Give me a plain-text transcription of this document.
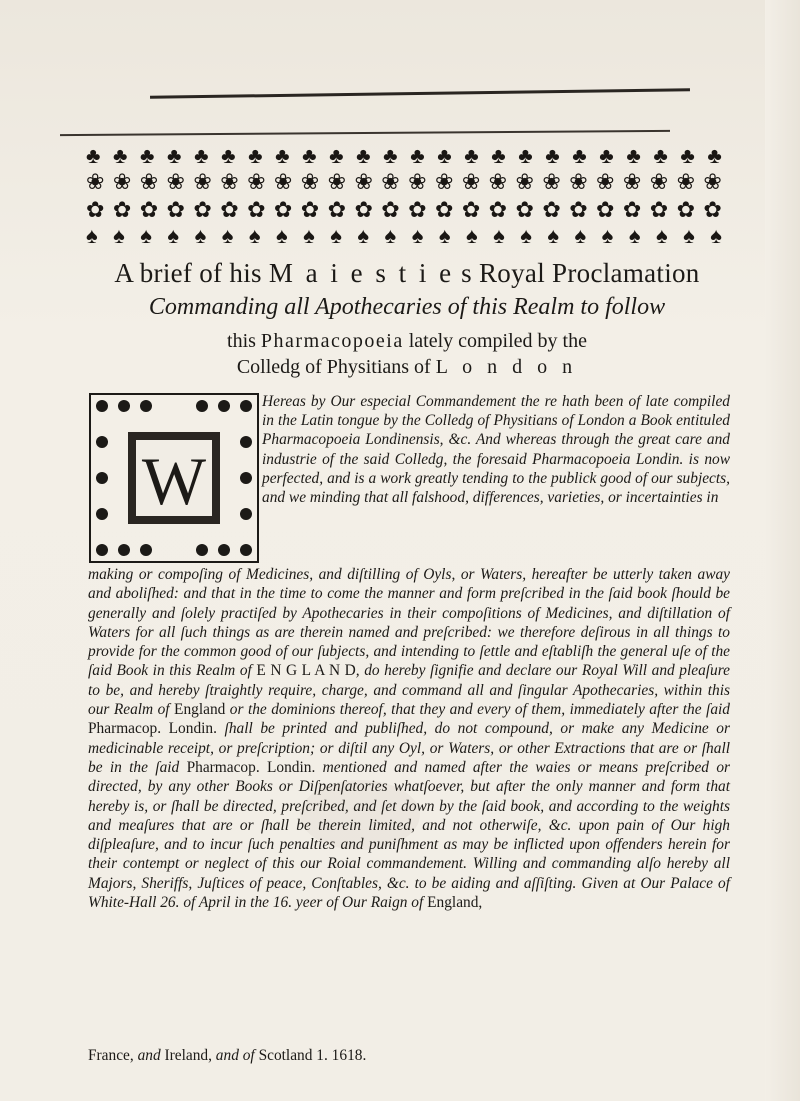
♣ ♣ ♣ ♣ ♣ ♣ ♣ ♣ ♣ ♣ ♣ ♣ ♣ ♣ ♣ ♣ ♣ ♣ ♣ ♣ ♣ ♣ ♣ ♣
❀ ❀ ❀ ❀ ❀ ❀ ❀ ❀ ❀ ❀ ❀ ❀ ❀ ❀ ❀ ❀ ❀ ❀ ❀ ❀ ❀ ❀ ❀ ❀
✿ ✿ ✿ ✿ ✿ ✿ ✿ ✿ ✿ ✿ ✿ ✿ ✿ ✿ ✿ ✿ ✿ ✿ ✿ ✿ ✿ ✿ ✿ ✿
♠ ♠ ♠ ♠ ♠ ♠ ♠ ♠ ♠ ♠ ♠ ♠ ♠ ♠ ♠ ♠ ♠ ♠ ♠ ♠ ♠ ♠ ♠ ♠
A brief of his M a i e s t i e s Royal Proclamation
Commanding all Apothecaries of this Realm to follow
this Pharmacopoeia lately compiled by the
Colledg of Physitians of L o n d o n
W
Hereas by Our especial Commandement the re hath been of late compiled in the Latin tongue by the Colledg of Physitians of London a Book entituled Pharmacopoeia Londinensis, &c. And whereas through the great care and industrie of the said Colledg, the foresaid Pharmacopoeia Londin. is now perfected, and is a work greatly tending to the publick good of our subjects, and we minding that all falshood, differences, varieties, or incertainties in
making or compoſing of Medicines, and diſtilling of Oyls, or Waters, hereafter be utterly taken away and aboliſhed: and that in the time to come the manner and form preſcribed in the ſaid book ſhould be generally and ſolely practiſed by Apothecaries in their compoſitions of Medicines, and diſtillation of Waters for all ſuch things as are therein named and preſcribed: we therefore deſirous in all things to provide for the common good of our ſubjects, and intending to ſettle and eſtabliſh the general uſe of the ſaid Book in this Realm of E N G L A N D, do hereby ſignifie and declare our Royal Will and pleaſure to be, and hereby ſtraightly require, charge, and command all and ſingular Apothecaries, within this our Realm of England or the dominions thereof, that they and every of them, immediately after the ſaid Pharmacop. Londin. ſhall be printed and publiſhed, do not compound, or make any Medicine or medicinable receipt, or preſcription; or diſtil any Oyl, or Waters, or other Extractions that are or ſhall be in the ſaid Pharmacop. Londin. mentioned and named after the waies or means preſcribed or directed, by any other Books or Diſpenſatories whatſoever, but after the only manner and form that hereby is, or ſhall be directed, preſcribed, and ſet down by the ſaid book, and according to the weights and meaſures that are or ſhall be therein limited, and not otherwiſe, &c. upon pain of Our high diſpleaſure, and to incur ſuch penalties and puniſhment as may be inflicted upon offenders herein for their contempt or neglect of this our Roial commandement. Willing and commanding alſo hereby all Majors, Sheriffs, Juſtices of peace, Conſtables, &c. to be aiding and aſſiſting. Given at Our Palace of White-Hall 26. of April in the 16. yeer of Our Raign of England,
France, and Ireland, and of Scotland 1. 1618.
